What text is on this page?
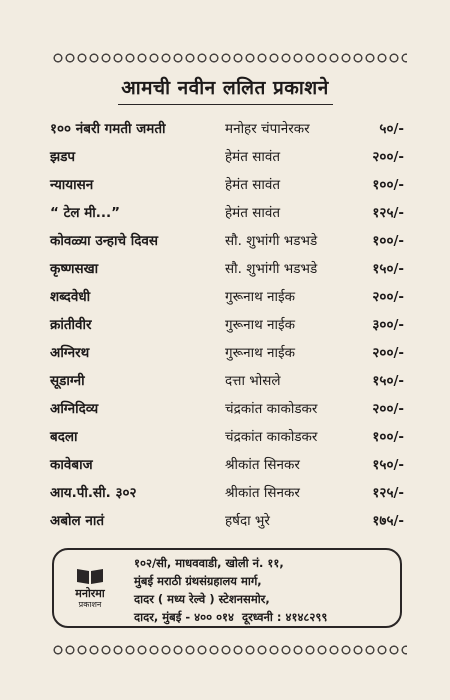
आमची नवीन ललित प्रकाशने
१०० नंबरी गमती जमती	मनोहर चंपानेरकर	५०/-
झडप	हेमंत सावंत	२००/-
न्यायासन	हेमंत सावंत	१००/-
“ टेल मी...”	हेमंत सावंत	१२५/-
कोवळ्या उन्हाचे दिवस	सौ. शुभांगी भडभडे	१००/-
कृष्णसखा	सौ. शुभांगी भडभडे	१५०/-
शब्दवेधी	गुरूनाथ नाईक	२००/-
क्रांतीवीर	गुरूनाथ नाईक	३००/-
अग्निरथ	गुरूनाथ नाईक	२००/-
सूडाग्नी	दत्ता भोसले	१५०/-
अग्निदिव्य	चंद्रकांत काकोडकर	२००/-
बदला	चंद्रकांत काकोडकर	१००/-
कावेबाज	श्रीकांत सिनकर	१५०/-
आय.पी.सी. ३०२	श्रीकांत सिनकर	१२५/-
अबोल नातं	हर्षदा भुरे	१७५/-
मनोरमा
प्रकाशन
१०२/सी, माधववाडी, खोली नं. ११,
मुंबई मराठी ग्रंथसंग्रहालय मार्ग,
दादर ( मध्य रेल्वे ) स्टेशनसमोर,
दादर, मुंबई - ४०० ०१४ दूरध्वनी : ४१४८२९९
